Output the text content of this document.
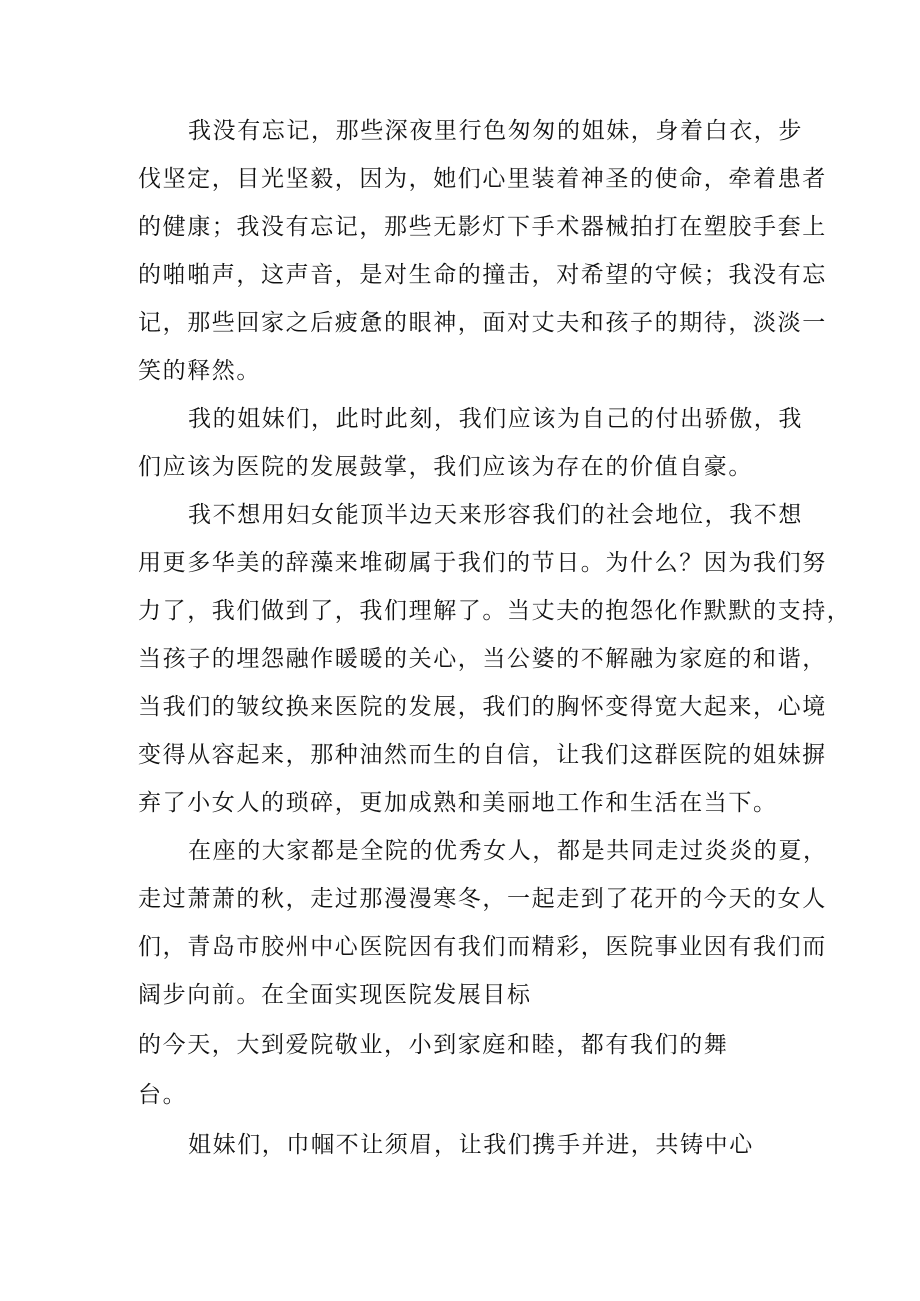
我没有忘记，那些深夜里行色匆匆的姐妹，身着白衣，步
伐坚定，目光坚毅，因为，她们心里装着神圣的使命，牵着患者
的健康；我没有忘记，那些无影灯下手术器械拍打在塑胶手套上
的啪啪声，这声音，是对生命的撞击，对希望的守候；我没有忘
记，那些回家之后疲惫的眼神，面对丈夫和孩子的期待，淡淡一
笑的释然。
我的姐妹们，此时此刻，我们应该为自己的付出骄傲，我
们应该为医院的发展鼓掌，我们应该为存在的价值自豪。
我不想用妇女能顶半边天来形容我们的社会地位，我不想
用更多华美的辞藻来堆砌属于我们的节日。为什么？因为我们努
力了，我们做到了，我们理解了。当丈夫的抱怨化作默默的支持，
当孩子的埋怨融作暖暖的关心，当公婆的不解融为家庭的和谐，
当我们的皱纹换来医院的发展，我们的胸怀变得宽大起来，心境
变得从容起来，那种油然而生的自信，让我们这群医院的姐妹摒
弃了小女人的琐碎，更加成熟和美丽地工作和生活在当下。
在座的大家都是全院的优秀女人，都是共同走过炎炎的夏，
走过萧萧的秋，走过那漫漫寒冬，一起走到了花开的今天的女人
们，青岛市胶州中心医院因有我们而精彩，医院事业因有我们而
阔步向前。在全面实现医院发展目标
的今天，大到爱院敬业，小到家庭和睦，都有我们的舞
台。
姐妹们，巾帼不让须眉，让我们携手并进，共铸中心
